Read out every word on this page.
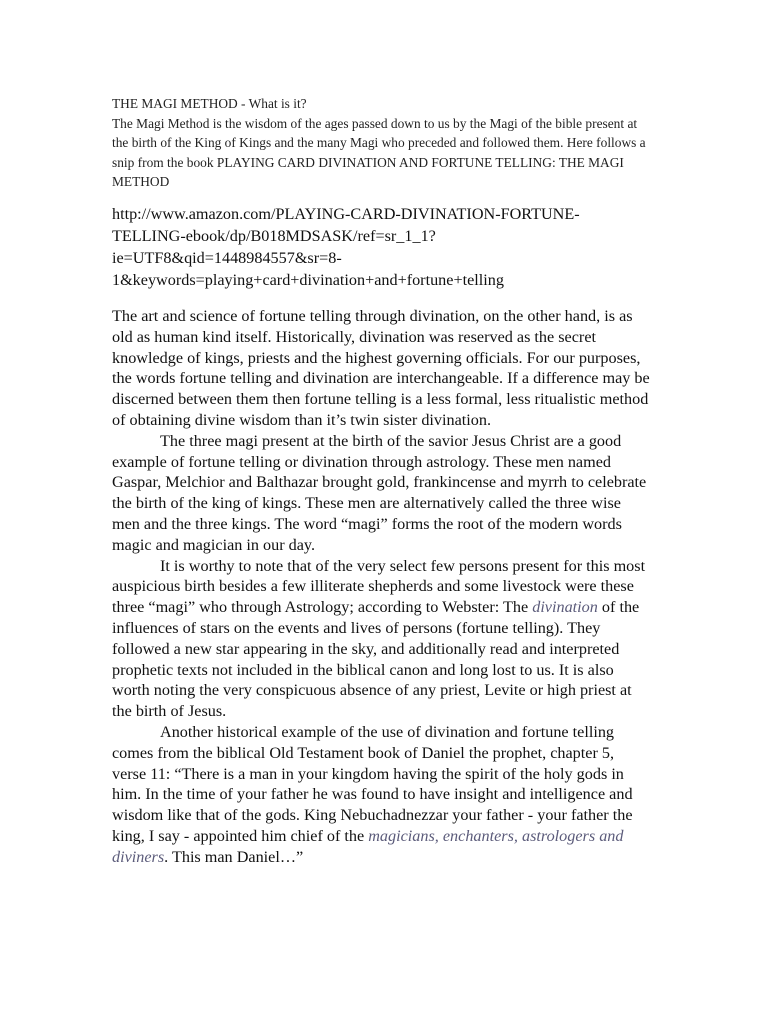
THE MAGI METHOD - What is it?

The Magi Method is the wisdom of the ages passed down to us by the Magi of the bible present at the birth of the King of Kings and the many Magi who preceded and followed them. Here follows a snip from the book PLAYING CARD DIVINATION AND FORTUNE TELLING: THE MAGI METHOD

http://www.amazon.com/PLAYING-CARD-DIVINATION-FORTUNE-

TELLING-ebook/dp/B018MDSASK/ref=sr_1_1?

ie=UTF8&qid=1448984557&sr=8-

1&keywords=playing+card+divination+and+fortune+telling

The art and science of fortune telling through divination, on the other hand, is as old as human kind itself. Historically, divination was reserved as the secret knowledge of kings, priests and the highest governing officials. For our purposes, the words fortune telling and divination are interchangeable. If a difference may be discerned between them then fortune telling is a less formal, less ritualistic method of obtaining divine wisdom than it’s twin sister divination.

The three magi present at the birth of the savior Jesus Christ are a good example of fortune telling or divination through astrology. These men named Gaspar, Melchior and Balthazar brought gold, frankincense and myrrh to celebrate the birth of the king of kings. These men are alternatively called the three wise men and the three kings. The word “magi” forms the root of the modern words magic and magician in our day.

It is worthy to note that of the very select few persons present for this most auspicious birth besides a few illiterate shepherds and some livestock were these three “magi” who through Astrology; according to Webster: The divination of the influences of stars on the events and lives of persons (fortune telling). They followed a new star appearing in the sky, and additionally read and interpreted prophetic texts not included in the biblical canon and long lost to us. It is also worth noting the very conspicuous absence of any priest, Levite or high priest at the birth of Jesus.

Another historical example of the use of divination and fortune telling comes from the biblical Old Testament book of Daniel the prophet, chapter 5, verse 11: “There is a man in your kingdom having the spirit of the holy gods in him. In the time of your father he was found to have insight and intelligence and wisdom like that of the gods. King Nebuchadnezzar your father - your father the king, I say - appointed him chief of the magicians, enchanters, astrologers and diviners. This man Daniel…”
